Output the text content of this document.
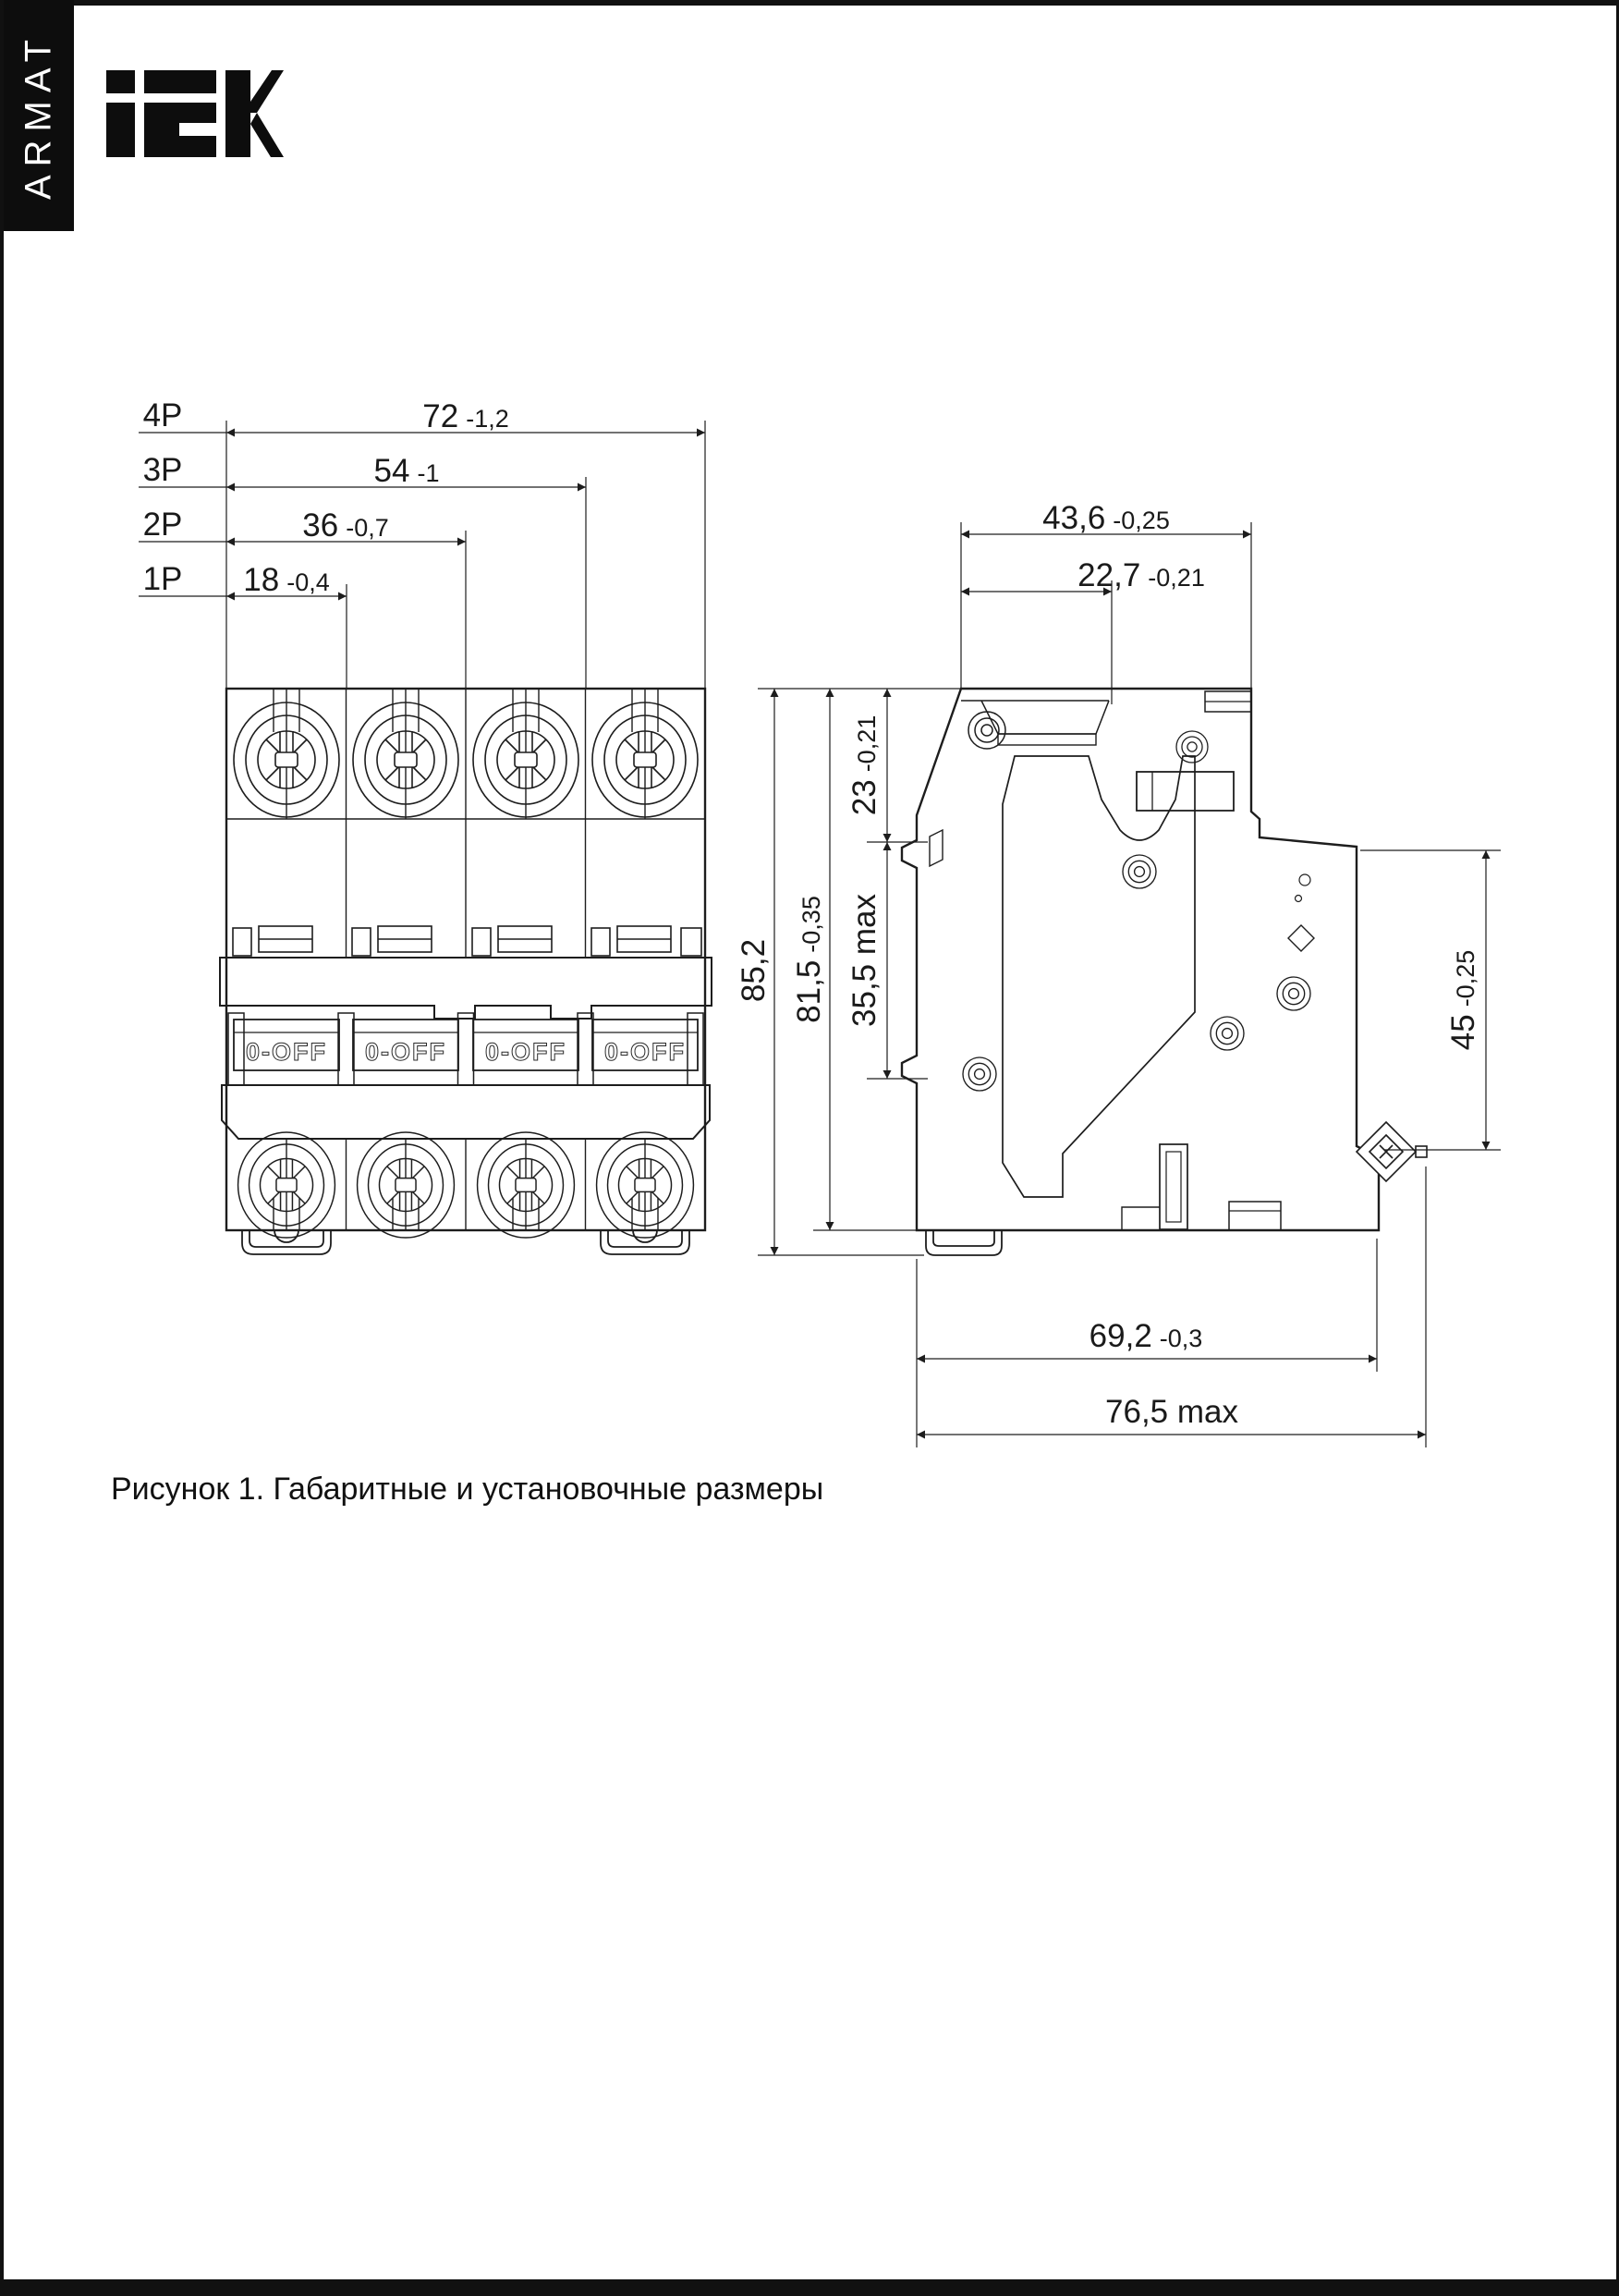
ARMAT
0-OFF 0-OFF 0-OFF 0-OFF
4P
3P
2P
1P
72 -1,2
54 -1
36 -0,7
18 -0,4
43,6 -0,25
22,7 -0,21
23
-0,21
35,5 max
81,5
-0,35
85,2
45
-0,25
69,2 -0,3
76,5 max
Рисунок 1. Габаритные и установочные размеры
